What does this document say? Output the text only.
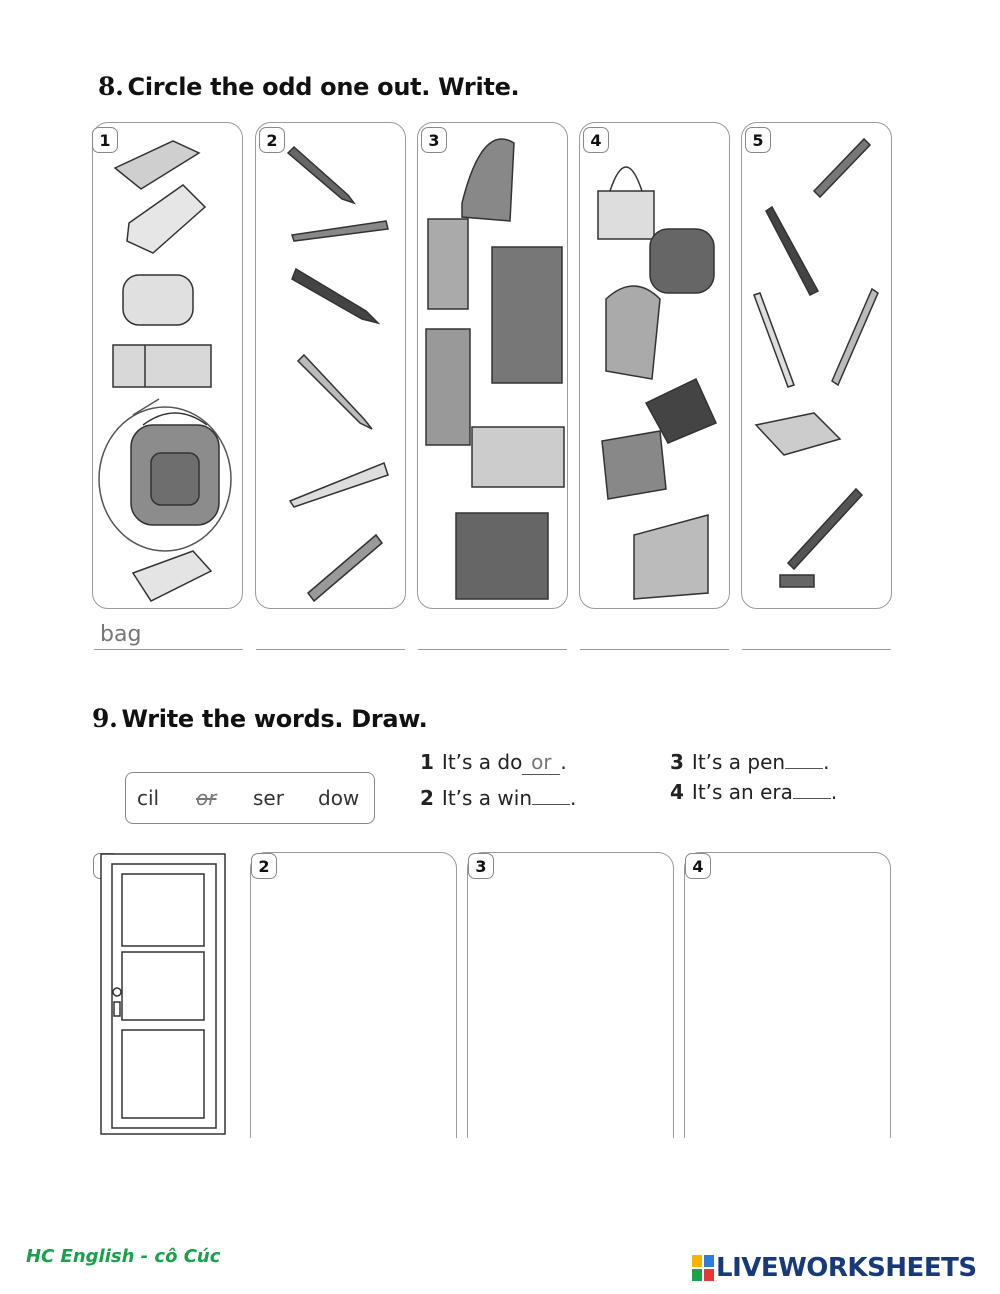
8. Circle the odd one out. Write.
1	2	3	4	5
bag
9. Write the words. Draw.
cil or ser dow
1 It’s a do or .
2 It’s a win .
3 It’s a pen .
4 It’s an era .
2	3	4
HC English - cô Cúc	LIVEWORKSHEETS
